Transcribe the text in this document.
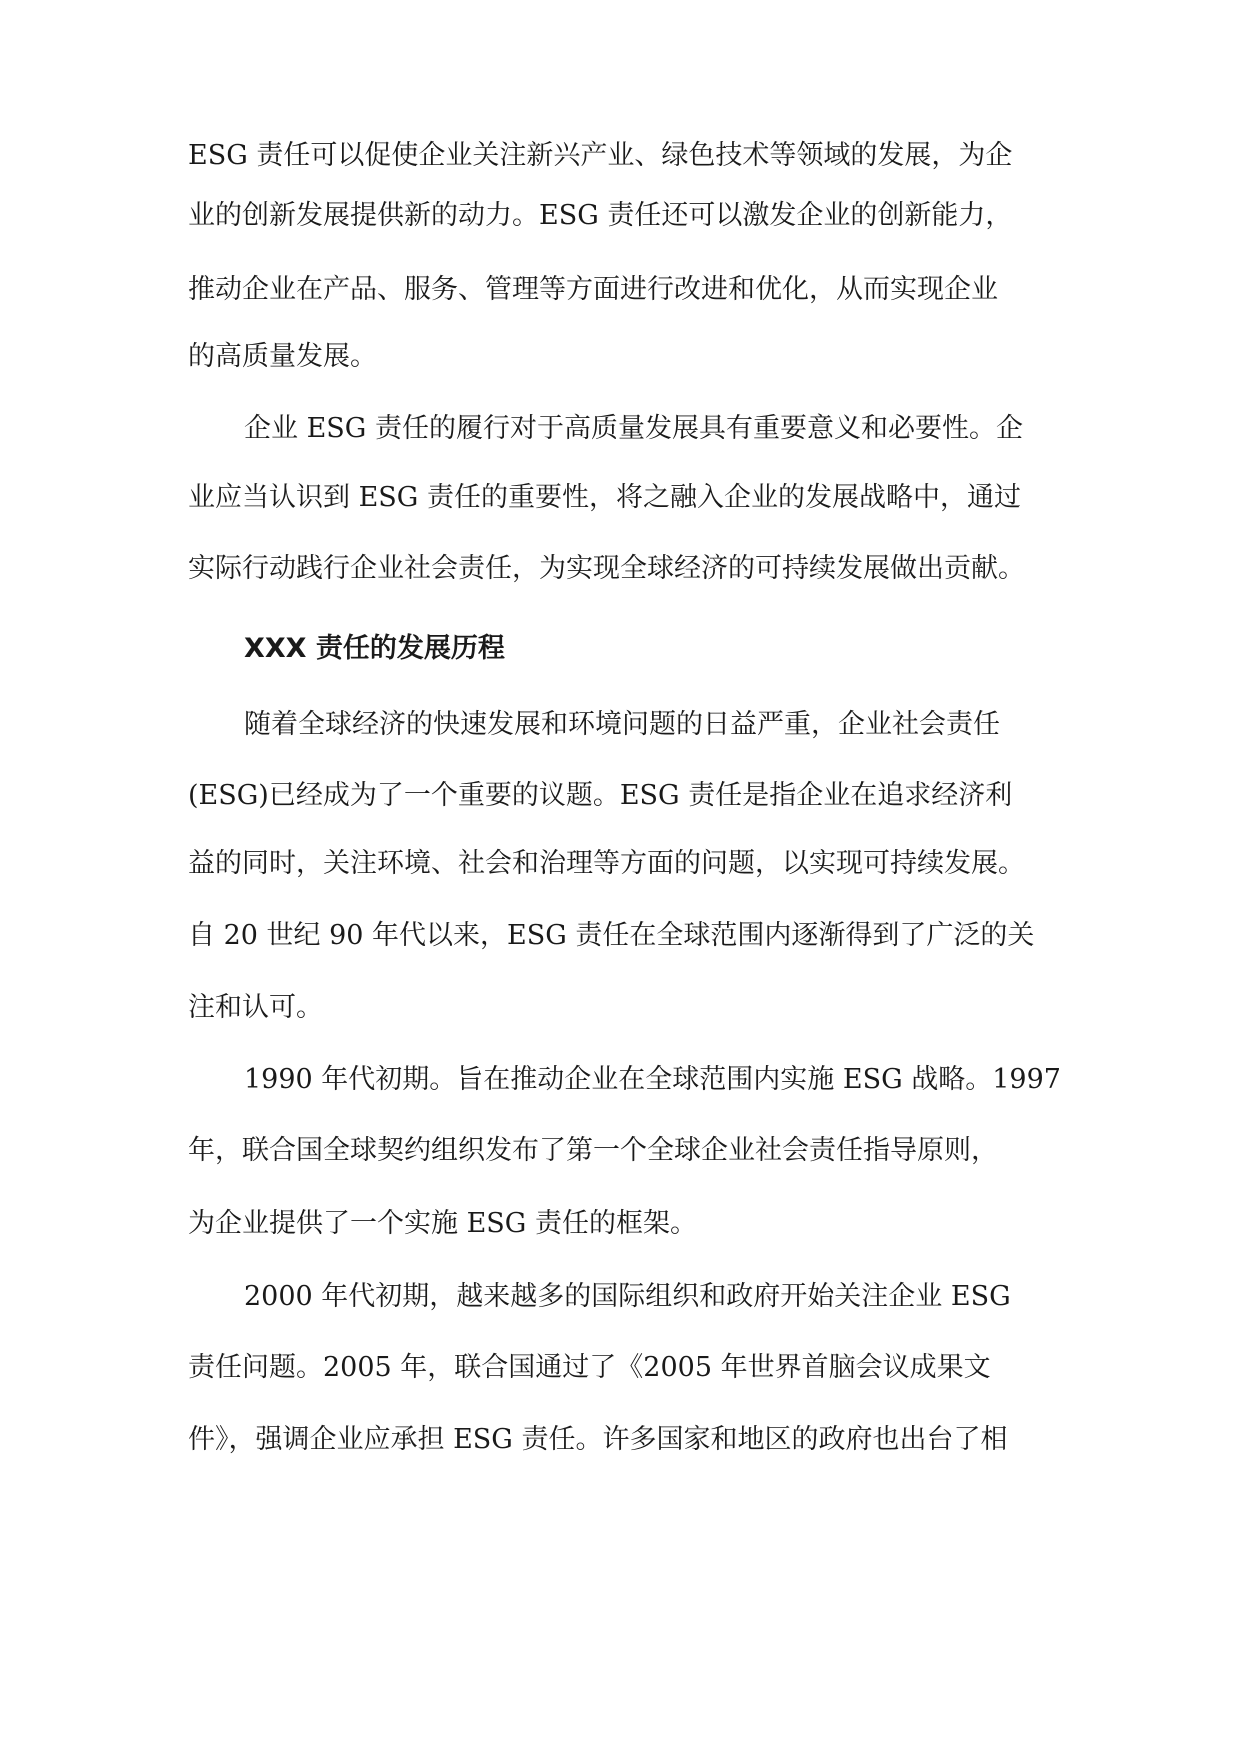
ESG 责任可以促使企业关注新兴产业、绿色技术等领域的发展，为企
业的创新发展提供新的动力。ESG 责任还可以激发企业的创新能力，
推动企业在产品、服务、管理等方面进行改进和优化，从而实现企业
的高质量发展。
企业 ESG 责任的履行对于高质量发展具有重要意义和必要性。企
业应当认识到 ESG 责任的重要性，将之融入企业的发展战略中，通过
实际行动践行企业社会责任，为实现全球经济的可持续发展做出贡献。
XXX 责任的发展历程
随着全球经济的快速发展和环境问题的日益严重，企业社会责任
(ESG)已经成为了一个重要的议题。ESG 责任是指企业在追求经济利
益的同时，关注环境、社会和治理等方面的问题，以实现可持续发展。
自 20 世纪 90 年代以来，ESG 责任在全球范围内逐渐得到了广泛的关
注和认可。
1990 年代初期。旨在推动企业在全球范围内实施 ESG 战略。1997
年，联合国全球契约组织发布了第一个全球企业社会责任指导原则，
为企业提供了一个实施 ESG 责任的框架。
2000 年代初期，越来越多的国际组织和政府开始关注企业 ESG
责任问题。2005 年，联合国通过了《2005 年世界首脑会议成果文
件》，强调企业应承担 ESG 责任。许多国家和地区的政府也出台了相
